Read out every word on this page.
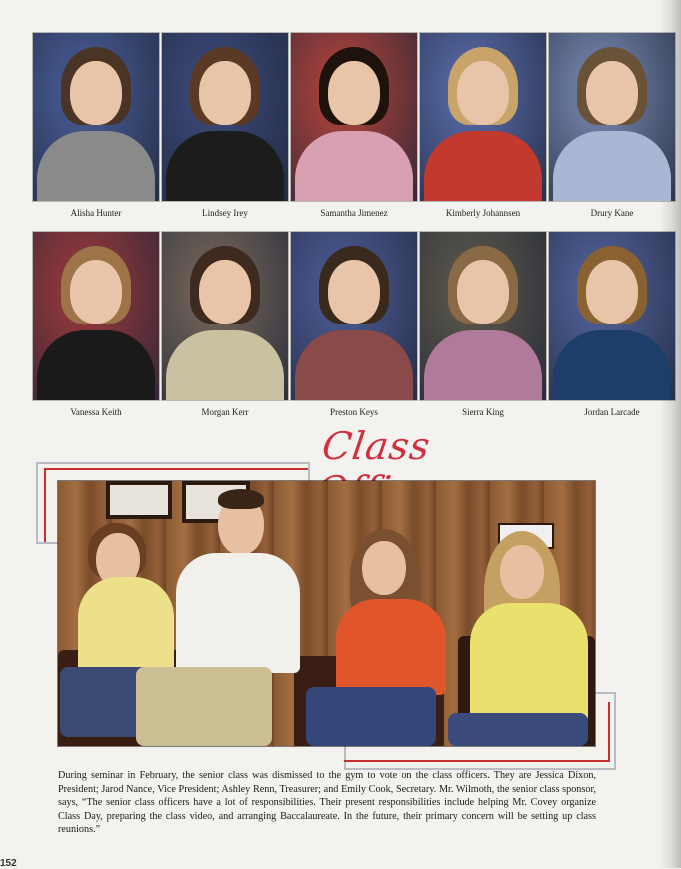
Alisha Hunter	Lindsey Irey	Samantha Jimenez	Kimberly Johannsen	Drury Kane
Vanessa Keith	Morgan Kerr	Preston Keys	Sierra King	Jordan Larcade
Class
During seminar in February, the senior class was dismissed to the gym to vote on the class officers. They are Jessica Dixon, President; Jarod Nance, Vice President; Ashley Renn, Treasurer; and Emily Cook, Secretary. Mr. Wilmoth, the senior class sponsor, says, “The senior class officers have a lot of responsibilities. Their present responsibilities include helping Mr. Covey organize Class Day, preparing the class video, and arranging Baccalaureate. In the future, their primary concern will be setting up class reunions.”
152
